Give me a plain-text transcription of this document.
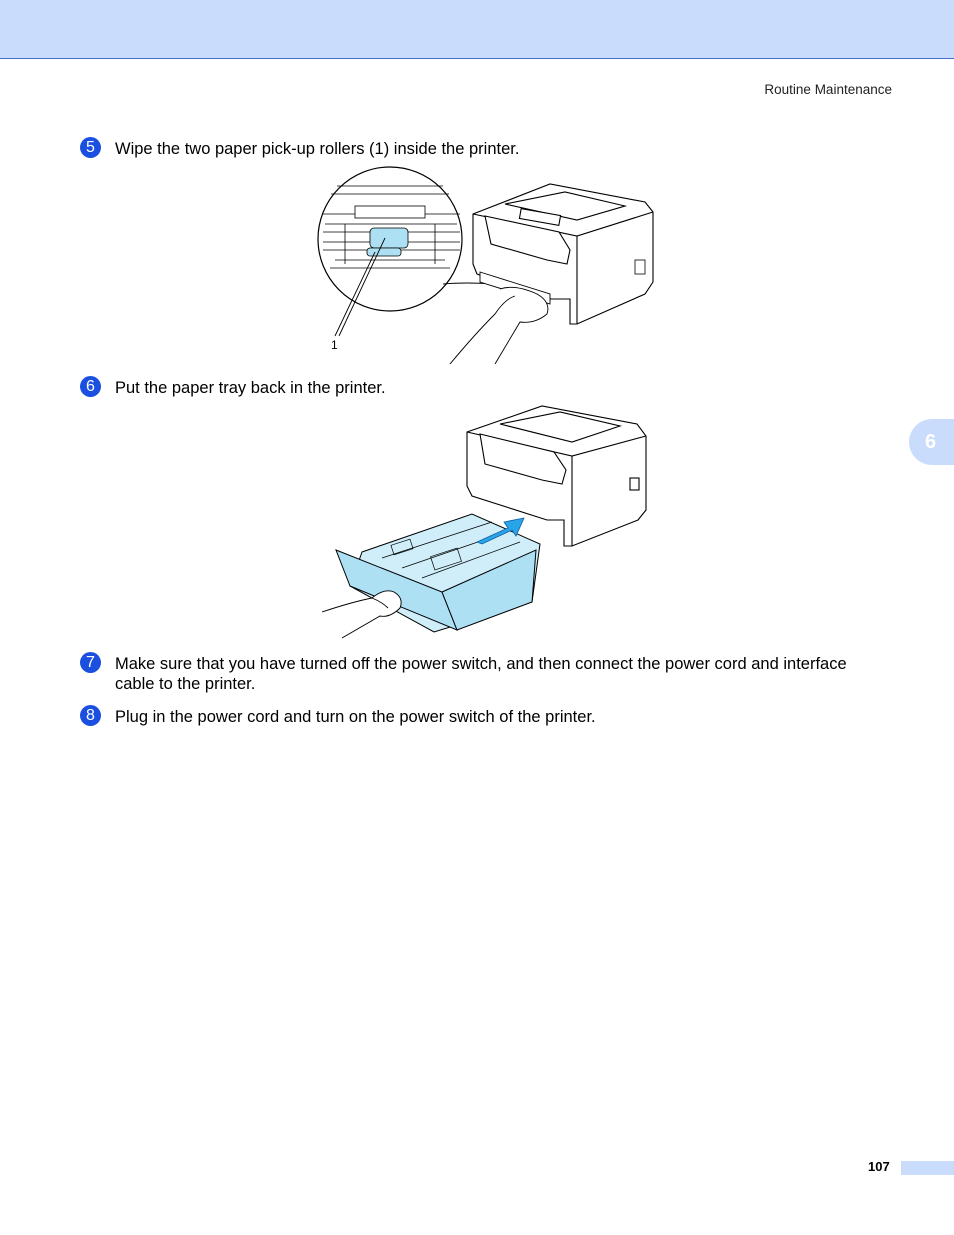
Routine Maintenance
5	Wipe the two paper pick-up rollers (1) inside the printer.
1
6	Put the paper tray back in the printer.
6
7	Make sure that you have turned off the power switch, and then connect the power cord and interface cable to the printer.
8	Plug in the power cord and turn on the power switch of the printer.
107
